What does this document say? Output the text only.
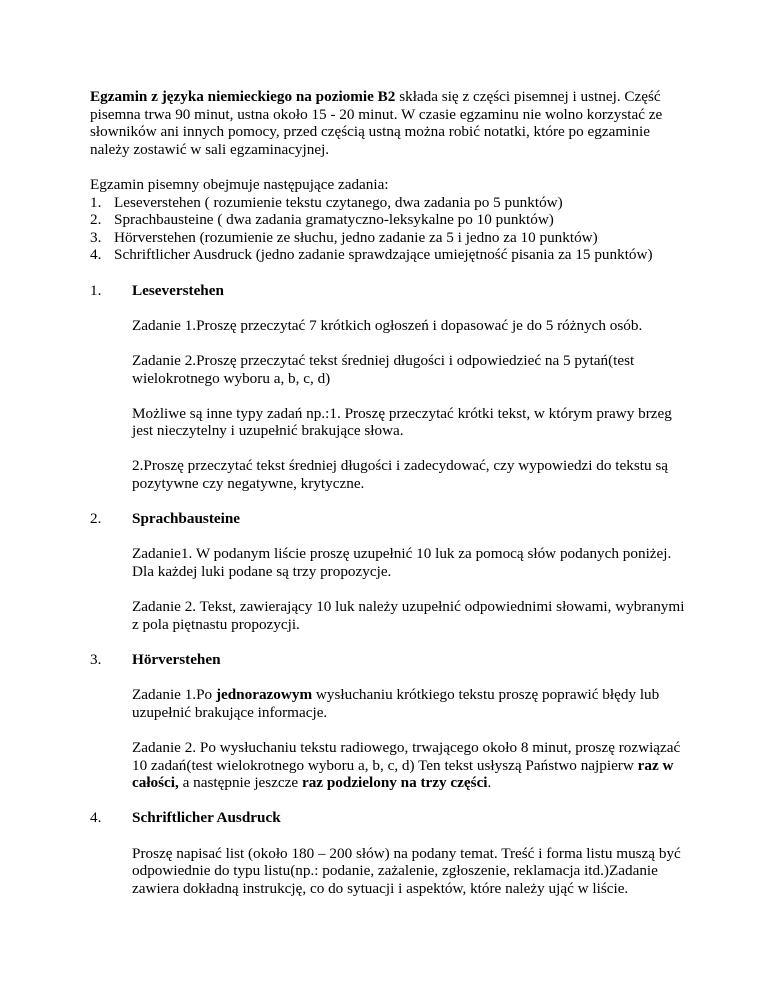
Egzamin z języka niemieckiego na poziomie B2 składa się z części pisemnej i ustnej. Część pisemna trwa 90 minut, ustna około 15 - 20 minut. W czasie egzaminu nie wolno korzystać ze słowników ani innych pomocy, przed częścią ustną można robić notatki, które po egzaminie należy zostawić w sali egzaminacyjnej.

Egzamin pisemny obejmuje następujące zadania:

1. Leseverstehen ( rozumienie tekstu czytanego, dwa zadania po 5 punktów)
2. Sprachbausteine ( dwa zadania gramatyczno-leksykalne po 10 punktów)
3. Hörverstehen (rozumienie ze słuchu, jedno zadanie za 5 i jedno za 10 punktów)
4. Schriftlicher Ausdruck (jedno zadanie sprawdzające umiejętność pisania za 15 punktów)
1. Leseverstehen

Zadanie 1.Proszę przeczytać 7 krótkich ogłoszeń i dopasować je do 5 różnych osób.

Zadanie 2.Proszę przeczytać tekst średniej długości i odpowiedzieć na 5 pytań(test wielokrotnego wyboru a, b, c, d)

Możliwe są inne typy zadań np.:1. Proszę przeczytać krótki tekst, w którym prawy brzeg jest nieczytelny i uzupełnić brakujące słowa.

2.Proszę przeczytać tekst średniej długości i zadecydować, czy wypowiedzi do tekstu są pozytywne czy negatywne, krytyczne.

2. Sprachbausteine

Zadanie1. W podanym liście proszę uzupełnić 10 luk za pomocą słów podanych poniżej. Dla każdej luki podane są trzy propozycje.

Zadanie 2. Tekst, zawierający 10 luk należy uzupełnić odpowiednimi słowami, wybranymi z pola piętnastu propozycji.

3. Hörverstehen

Zadanie 1.Po jednorazowym wysłuchaniu krótkiego tekstu proszę poprawić błędy lub uzupełnić brakujące informacje.

Zadanie 2. Po wysłuchaniu tekstu radiowego, trwającego około 8 minut, proszę rozwiązać 10 zadań(test wielokrotnego wyboru a, b, c, d) Ten tekst usłyszą Państwo najpierw raz w całości, a następnie jeszcze raz podzielony na trzy części.

4. Schriftlicher Ausdruck

Proszę napisać list (około 180 – 200 słów) na podany temat. Treść i forma listu muszą być odpowiednie do typu listu(np.: podanie, zażalenie, zgłoszenie, reklamacja itd.)Zadanie zawiera dokładną instrukcję, co do sytuacji i aspektów, które należy ująć w liście.
